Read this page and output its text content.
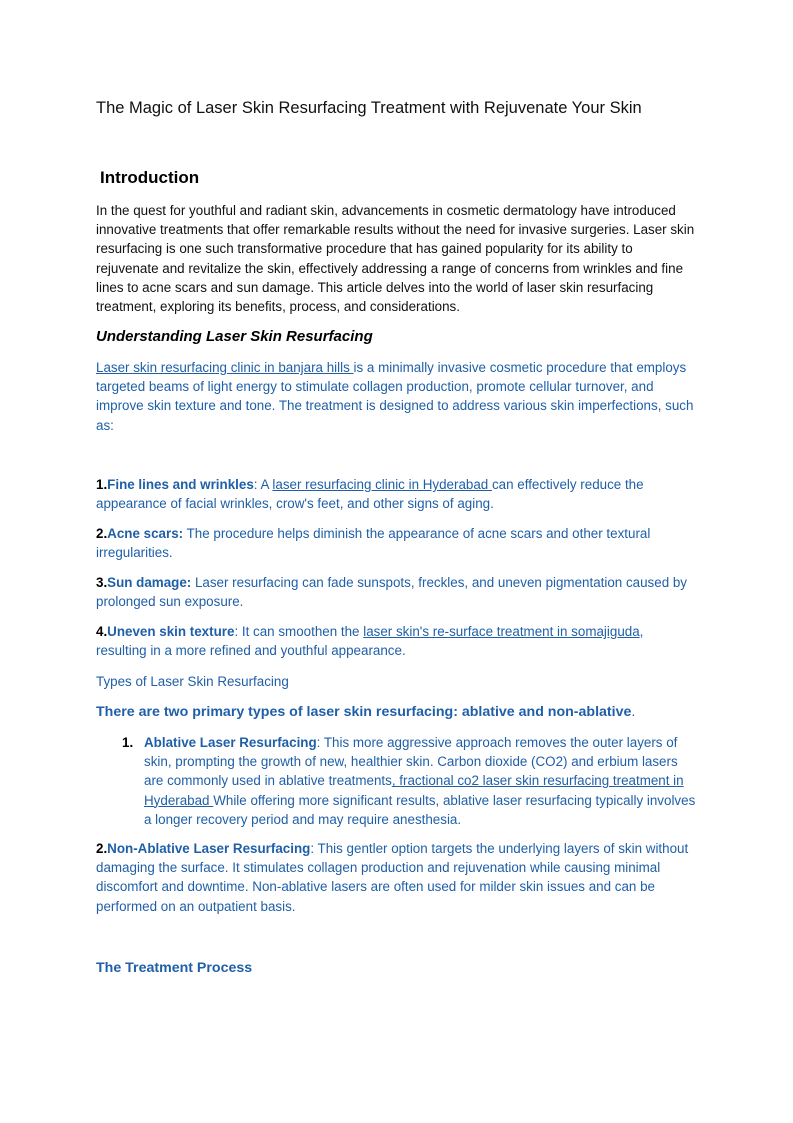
The Magic of Laser Skin Resurfacing Treatment with Rejuvenate Your Skin

Introduction

In the quest for youthful and radiant skin, advancements in cosmetic dermatology have introduced innovative treatments that offer remarkable results without the need for invasive surgeries. Laser skin resurfacing is one such transformative procedure that has gained popularity for its ability to rejuvenate and revitalize the skin, effectively addressing a range of concerns from wrinkles and fine lines to acne scars and sun damage. This article delves into the world of laser skin resurfacing treatment, exploring its benefits, process, and considerations.

Understanding Laser Skin Resurfacing

Laser skin resurfacing clinic in banjara hills is a minimally invasive cosmetic procedure that employs targeted beams of light energy to stimulate collagen production, promote cellular turnover, and improve skin texture and tone. The treatment is designed to address various skin imperfections, such as:

1.Fine lines and wrinkles: A laser resurfacing clinic in Hyderabad can effectively reduce the appearance of facial wrinkles, crow's feet, and other signs of aging.

2.Acne scars: The procedure helps diminish the appearance of acne scars and other textural irregularities.

3.Sun damage: Laser resurfacing can fade sunspots, freckles, and uneven pigmentation caused by prolonged sun exposure.

4.Uneven skin texture: It can smoothen the laser skin's re-surface treatment in somajiguda, resulting in a more refined and youthful appearance.

Types of Laser Skin Resurfacing

There are two primary types of laser skin resurfacing: ablative and non-ablative.

1. Ablative Laser Resurfacing: This more aggressive approach removes the outer layers of skin, prompting the growth of new, healthier skin. Carbon dioxide (CO2) and erbium lasers are commonly used in ablative treatments, fractional co2 laser skin resurfacing treatment in Hyderabad While offering more significant results, ablative laser resurfacing typically involves a longer recovery period and may require anesthesia.

2.Non-Ablative Laser Resurfacing: This gentler option targets the underlying layers of skin without damaging the surface. It stimulates collagen production and rejuvenation while causing minimal discomfort and downtime. Non-ablative lasers are often used for milder skin issues and can be performed on an outpatient basis.

The Treatment Process
